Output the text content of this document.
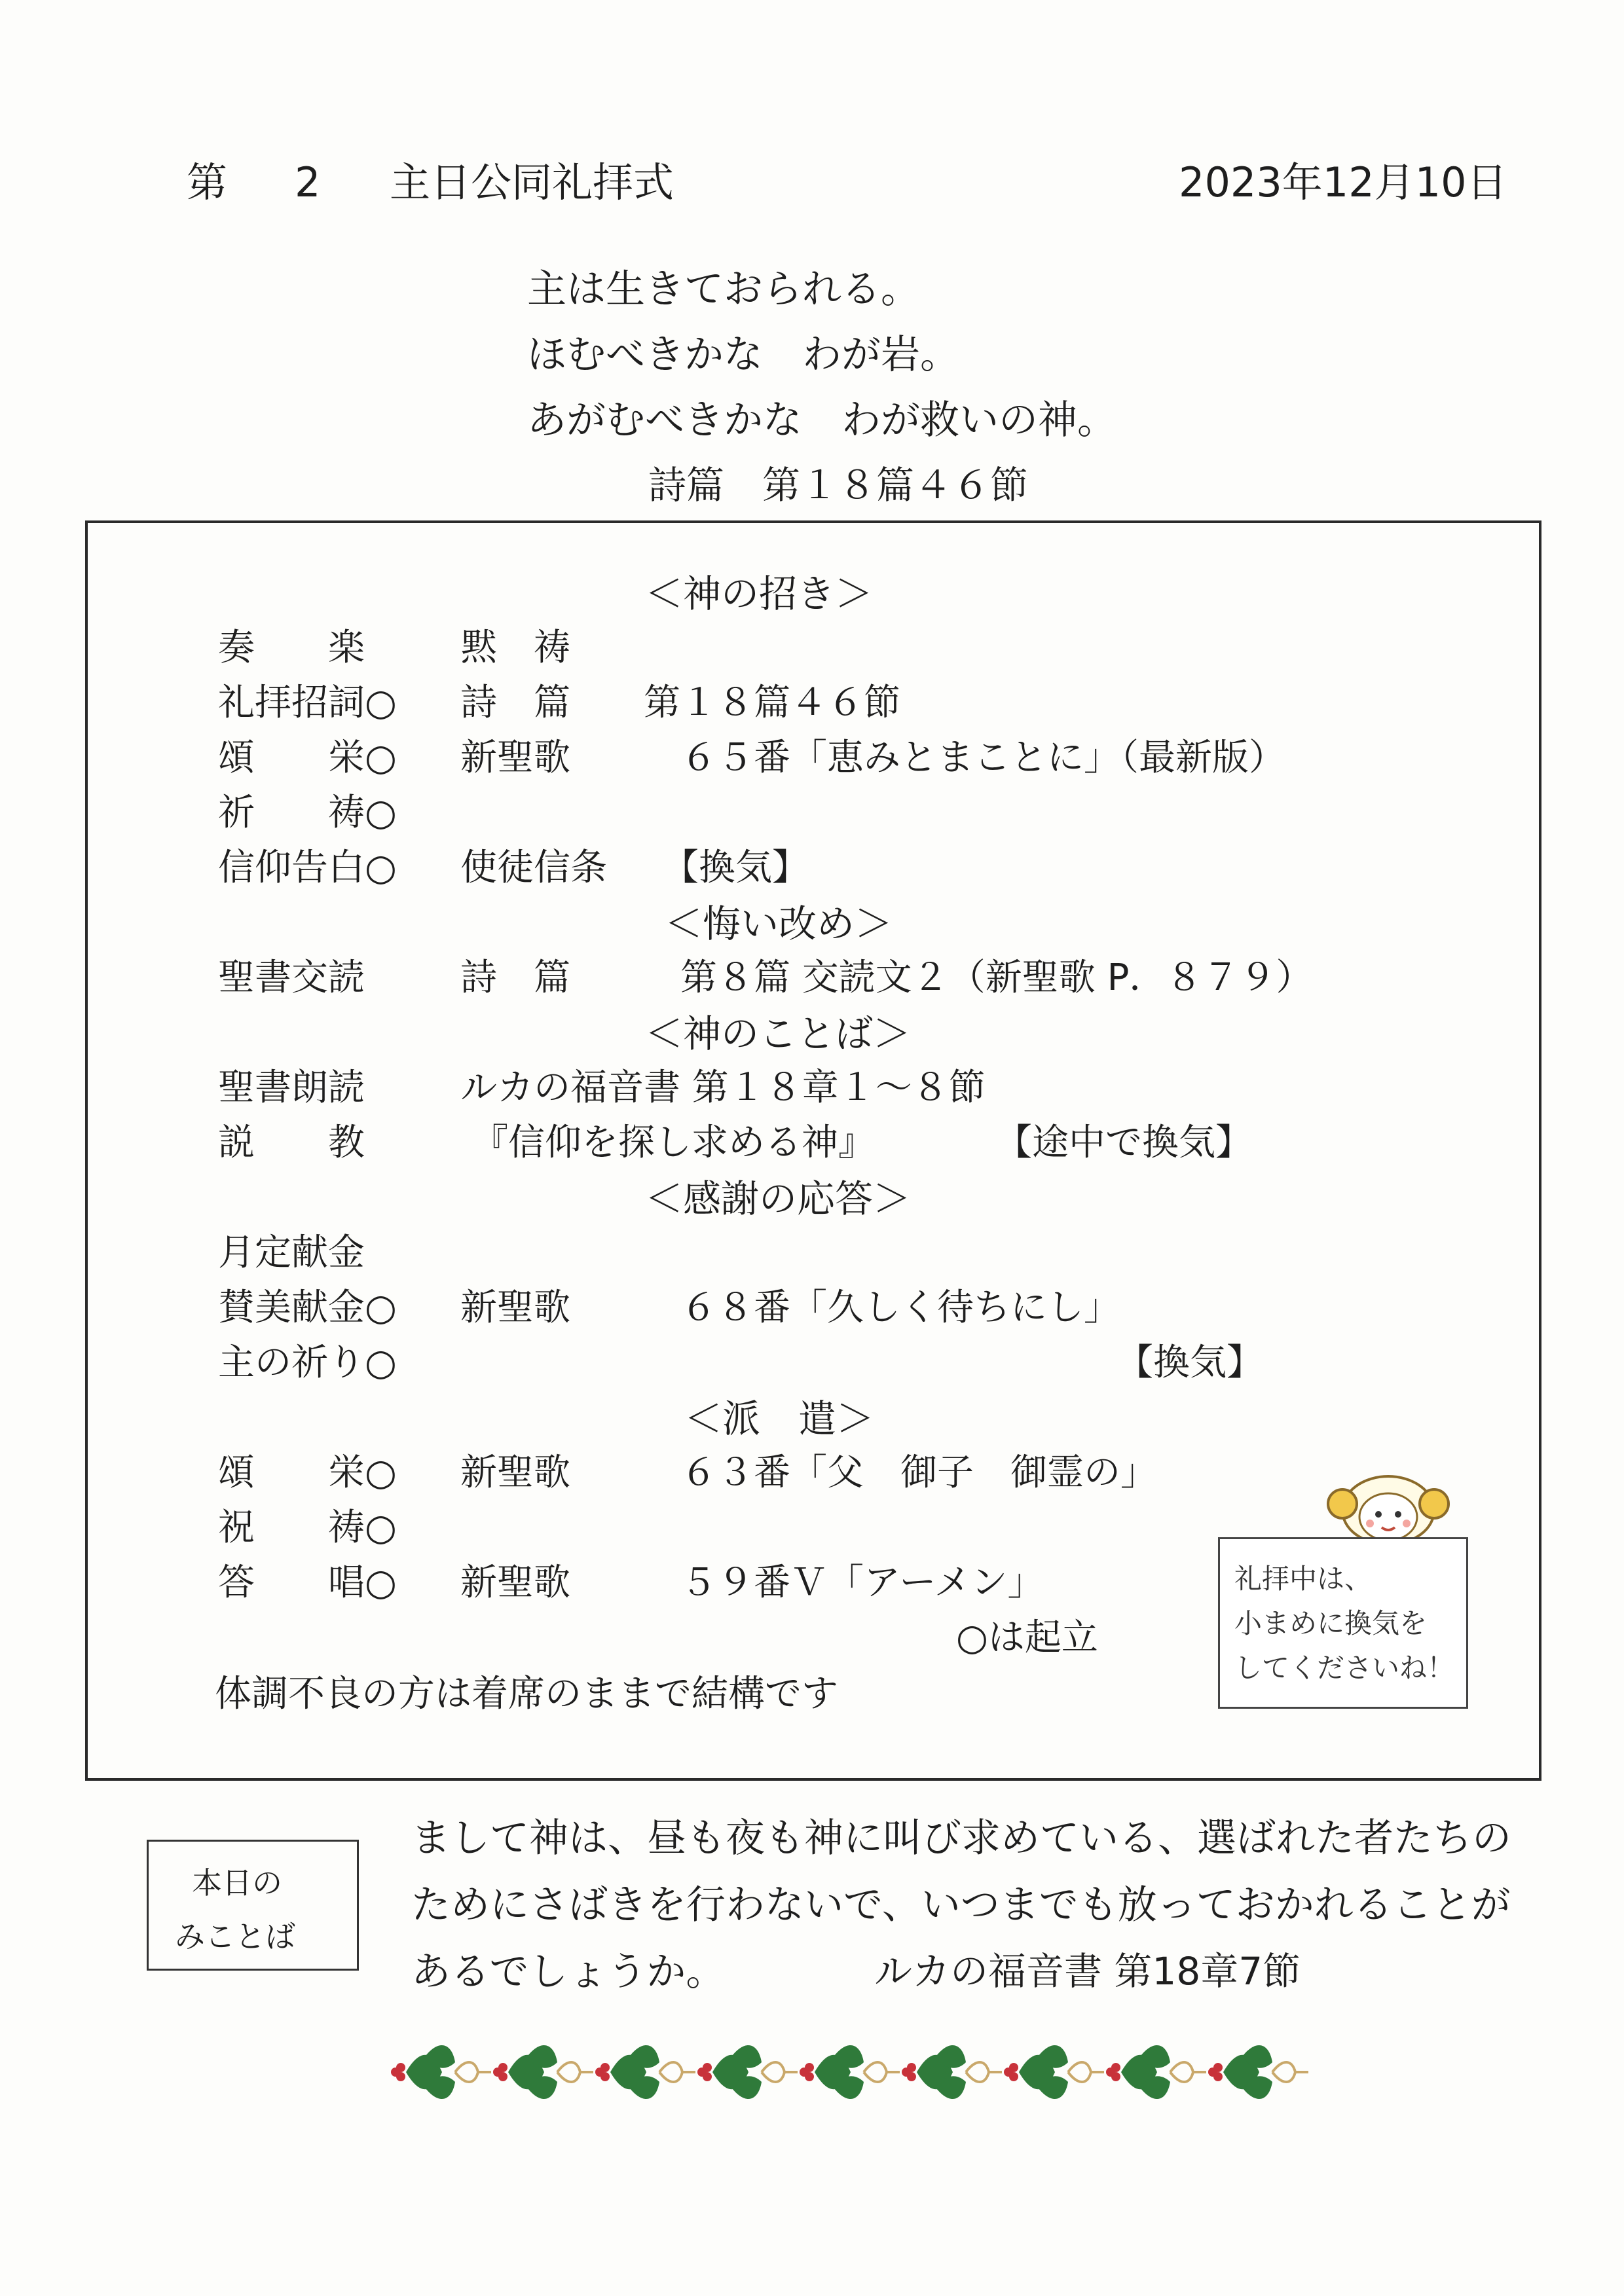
第 2 主日公同礼拝式	2023年12月10日
主は生きておられる。
ほむべきかな　わが岩。
あがむべきかな　わが救いの神。
詩篇　第１８篇４６節
＜神の招き＞
奏　　楽	黙　祷
礼拝招詞○ 詩　篇　　第１８篇４６節
頌　　栄○ 新聖歌　　　６５番「恵みとまことに」（最新版）
祈　　祷○
信仰告白○ 使徒信条　　【換気】
＜悔い改め＞
聖書交読	詩　篇　　　第８篇 交読文２（新聖歌 P．８７９）
＜神のことば＞
聖書朗読	ルカの福音書 第１８章１～８節
説　　教	『信仰を探し求める神』	【途中で換気】
＜感謝の応答＞
月定献金
賛美献金○ 新聖歌　　　６８番「久しく待ちにし」
主の祈り○	【換気】
＜派　遣＞
頌　　栄○ 新聖歌　　　６３番「父　御子　御霊の」
祝　　祷○
答　　唱○ 新聖歌　　　５９番Ｖ「アーメン」
○は起立
体調不良の方は着席のままで結構です
礼拝中は、
小まめに換気を
してくださいね！
本日の
みことば
まして神は、昼も夜も神に叫び求めている、選ばれた者たちの
ためにさばきを行わないで、いつまでも放っておかれることが
あるでしょうか。	ルカの福音書 第18章7節
